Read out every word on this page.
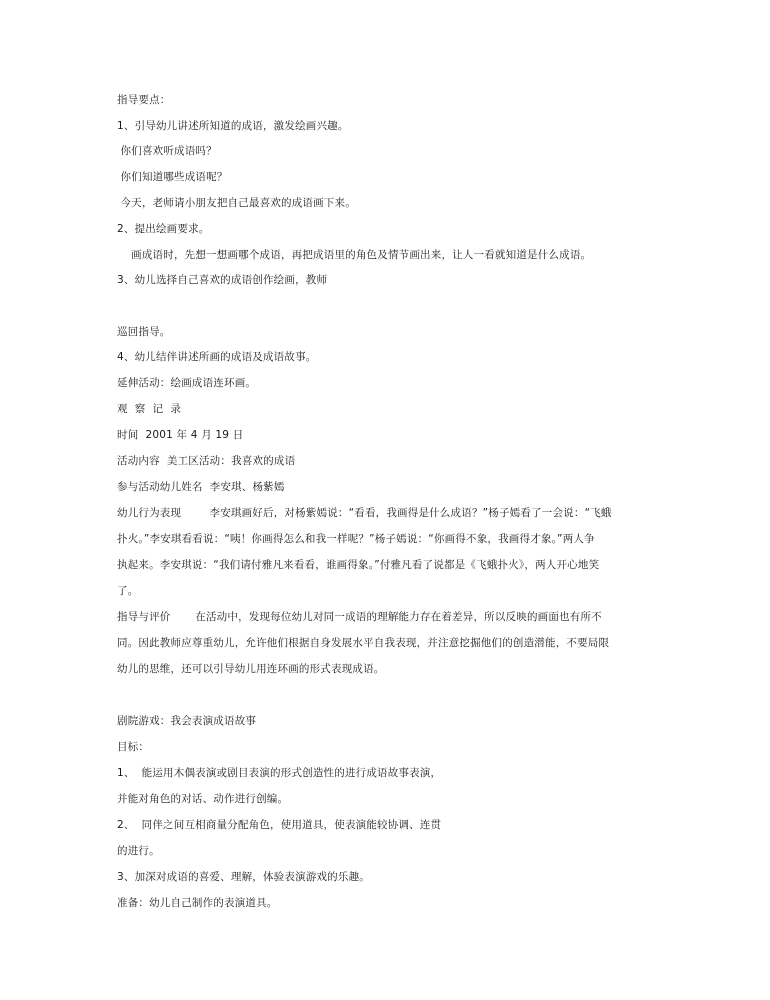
指导要点：

1、引导幼儿讲述所知道的成语，激发绘画兴趣。

你们喜欢听成语吗？

你们知道哪些成语呢？

今天，老师请小朋友把自己最喜欢的成语画下来。

2、提出绘画要求。

画成语时，先想一想画哪个成语，再把成语里的角色及情节画出来，让人一看就知道是什么成语。

3、幼儿选择自己喜欢的成语创作绘画，教师

巡回指导。

4、幼儿结伴讲述所画的成语及成语故事。

延伸活动：绘画成语连环画。

观  察  记  录

时间  2001 年 4 月 19 日

活动内容  美工区活动：我喜欢的成语

参与活动幼儿姓名  李安琪、杨紫嫣

幼儿行为表现        李安琪画好后，对杨紫嫣说：“看看，我画得是什么成语？”杨子嫣看了一会说：“飞蛾

扑火。”李安琪看看说：“咦！你画得怎么和我一样呢？”杨子嫣说：“你画得不象，我画得才象。”两人争

执起来。李安琪说：“我们请付雅凡来看看，谁画得象。”付雅凡看了说都是《飞蛾扑火》，两人开心地笑

了。

指导与评价       在活动中，发现每位幼儿对同一成语的理解能力存在着差异，所以反映的画面也有所不

同。因此教师应尊重幼儿，允许他们根据自身发展水平自我表现，并注意挖掘他们的创造潜能，不要局限

幼儿的思维，还可以引导幼儿用连环画的形式表现成语。

剧院游戏：我会表演成语故事

目标：

1、  能运用木偶表演或剧目表演的形式创造性的进行成语故事表演，

并能对角色的对话、动作进行创编。

2、  同伴之间互相商量分配角色，使用道具，使表演能较协调、连贯

的进行。

3、加深对成语的喜爱、理解，体验表演游戏的乐趣。

准备：幼儿自己制作的表演道具。
